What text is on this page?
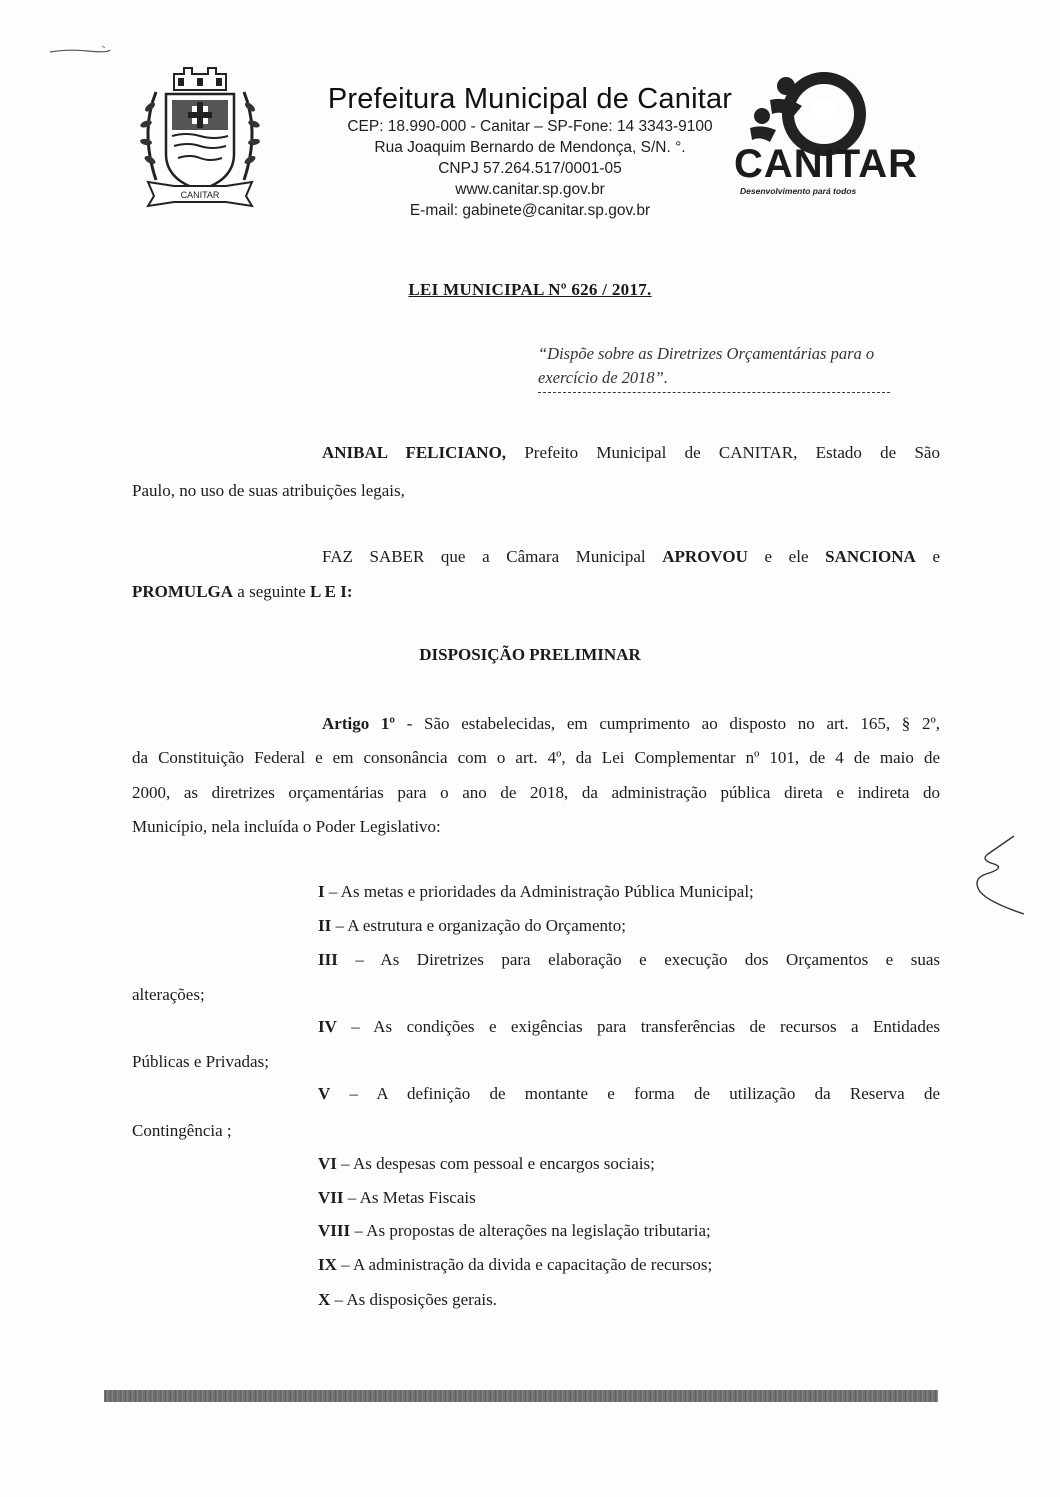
CANITAR
Prefeitura Municipal de Canitar
CEP: 18.990-000 - Canitar – SP-Fone: 14 3343-9100
Rua Joaquim Bernardo de Mendonça, S/N. °.
CNPJ 57.264.517/0001-05
www.canitar.sp.gov.br
E-mail: gabinete@canitar.sp.gov.br
CANITAR
Desenvolvimento pará todos
LEI MUNICIPAL Nº 626 / 2017.
“Dispõe sobre as Diretrizes Orçamentárias para o
exercício de 2018”.
ANIBAL FELICIANO, Prefeito Municipal de CANITAR, Estado de São
Paulo, no uso de suas atribuições legais,
FAZ SABER que a Câmara Municipal APROVOU e ele SANCIONA e
PROMULGA a seguinte L E I:
DISPOSIÇÃO PRELIMINAR
Artigo 1º - São estabelecidas, em cumprimento ao disposto no art. 165, § 2º,
da Constituição Federal e em consonância com o art. 4º, da Lei Complementar nº 101, de 4 de maio de
2000, as diretrizes orçamentárias para o ano de 2018, da administração pública direta e indireta do
Município, nela incluída o Poder Legislativo:
I – As metas e prioridades da Administração Pública Municipal;
II – A estrutura e organização do Orçamento;
III – As Diretrizes para elaboração e execução dos Orçamentos e suas
alterações;
IV – As condições e exigências para transferências de recursos a Entidades
Públicas e Privadas;
V – A definição de montante e forma de utilização da Reserva de
Contingência ;
VI – As despesas com pessoal e encargos sociais;
VII – As Metas Fiscais
VIII – As propostas de alterações na legislação tributaria;
IX – A administração da divida e capacitação de recursos;
X – As disposições gerais.
